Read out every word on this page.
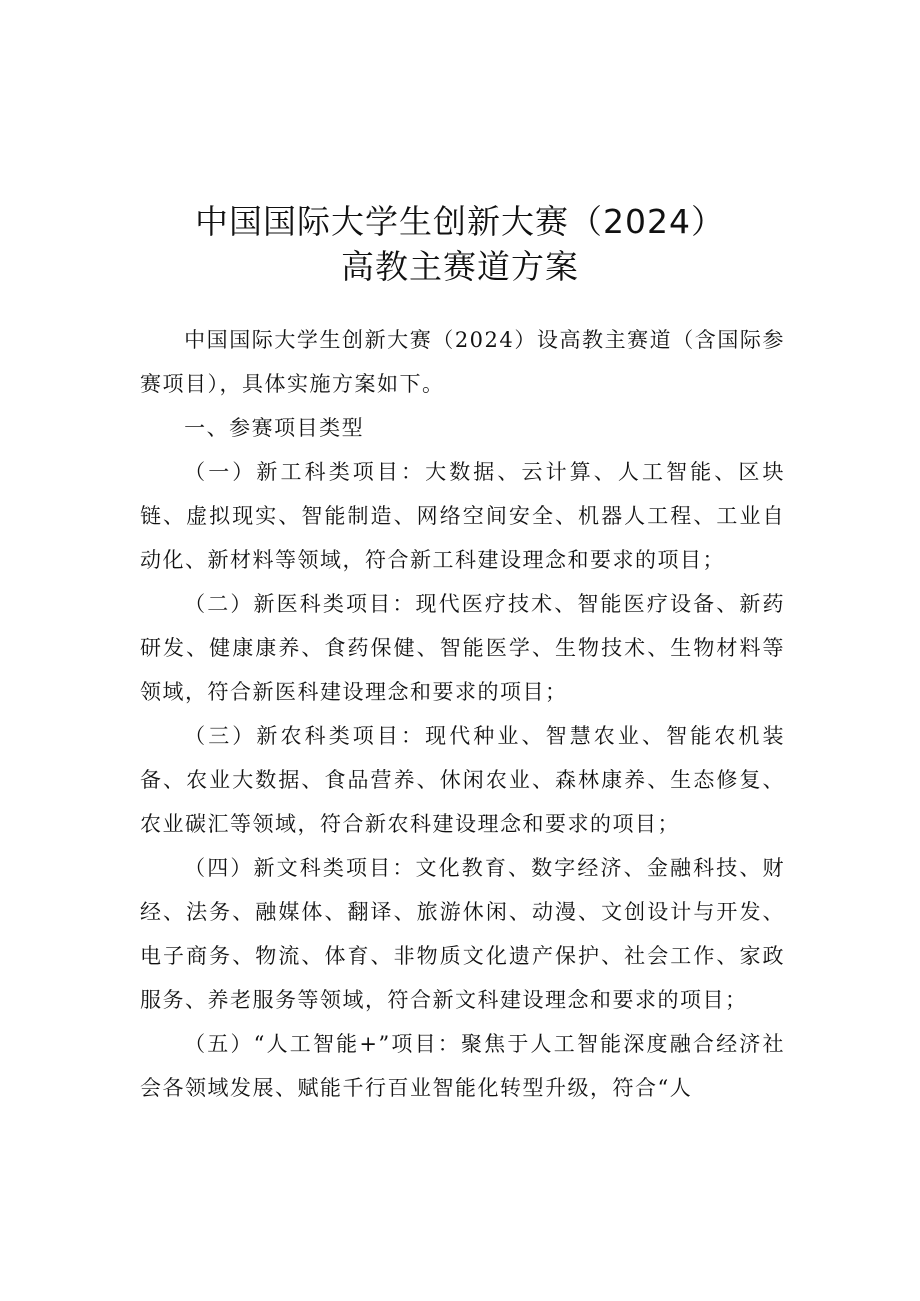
中国国际大学生创新大赛（2024）
高教主赛道方案

中国国际大学生创新大赛（2024）设高教主赛道（含国际参赛项目），具体实施方案如下。

一、参赛项目类型

（一）新工科类项目：大数据、云计算、人工智能、区块链、虚拟现实、智能制造、网络空间安全、机器人工程、工业自动化、新材料等领域，符合新工科建设理念和要求的项目；

（二）新医科类项目：现代医疗技术、智能医疗设备、新药研发、健康康养、食药保健、智能医学、生物技术、生物材料等领域，符合新医科建设理念和要求的项目；

（三）新农科类项目：现代种业、智慧农业、智能农机装备、农业大数据、食品营养、休闲农业、森林康养、生态修复、农业碳汇等领域，符合新农科建设理念和要求的项目；

（四）新文科类项目：文化教育、数字经济、金融科技、财经、法务、融媒体、翻译、旅游休闲、动漫、文创设计与开发、电子商务、物流、体育、非物质文化遗产保护、社会工作、家政服务、养老服务等领域，符合新文科建设理念和要求的项目；

（五）“人工智能+”项目：聚焦于人工智能深度融合经济社会各领域发展、赋能千行百业智能化转型升级，符合“人
